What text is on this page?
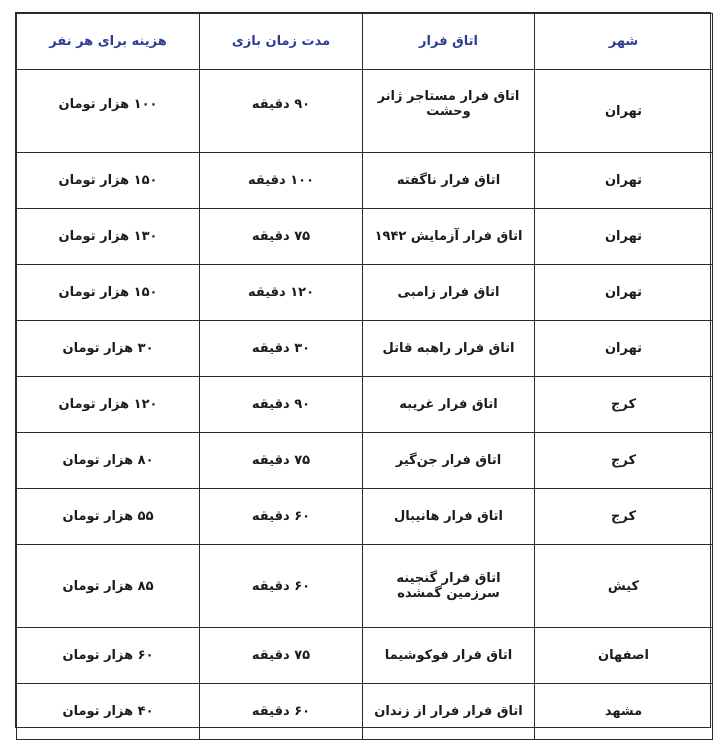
شهر	اتاق فرار	مدت زمان بازی	هزینه برای هر نفر
تهران	اتاق فرار مستاجر ژانر وحشت	۹۰ دقیقه	۱۰۰ هزار تومان
تهران	اتاق فرار ناگفته	۱۰۰ دقیقه	۱۵۰ هزار تومان
تهران	اتاق فرار آزمایش ۱۹۴۲	۷۵ دقیقه	۱۳۰ هزار تومان
تهران	اتاق فرار زامبی	۱۲۰ دقیقه	۱۵۰ هزار تومان
تهران	اتاق فرار راهبه قاتل	۳۰ دقیقه	۳۰ هزار تومان
کرج	اتاق فرار غریبه	۹۰ دقیقه	۱۲۰ هزار تومان
کرج	اتاق فرار جن‌گیر	۷۵ دقیقه	۸۰ هزار تومان
کرج	اتاق فرار هانیبال	۶۰ دقیقه	۵۵ هزار تومان
کیش	اتاق فرار گنجینه سرزمین گمشده	۶۰ دقیقه	۸۵ هزار تومان
اصفهان	اتاق فرار فوکوشیما	۷۵ دقیقه	۶۰ هزار تومان
مشهد	اتاق فرار فرار از زندان	۶۰ دقیقه	۴۰ هزار تومان
